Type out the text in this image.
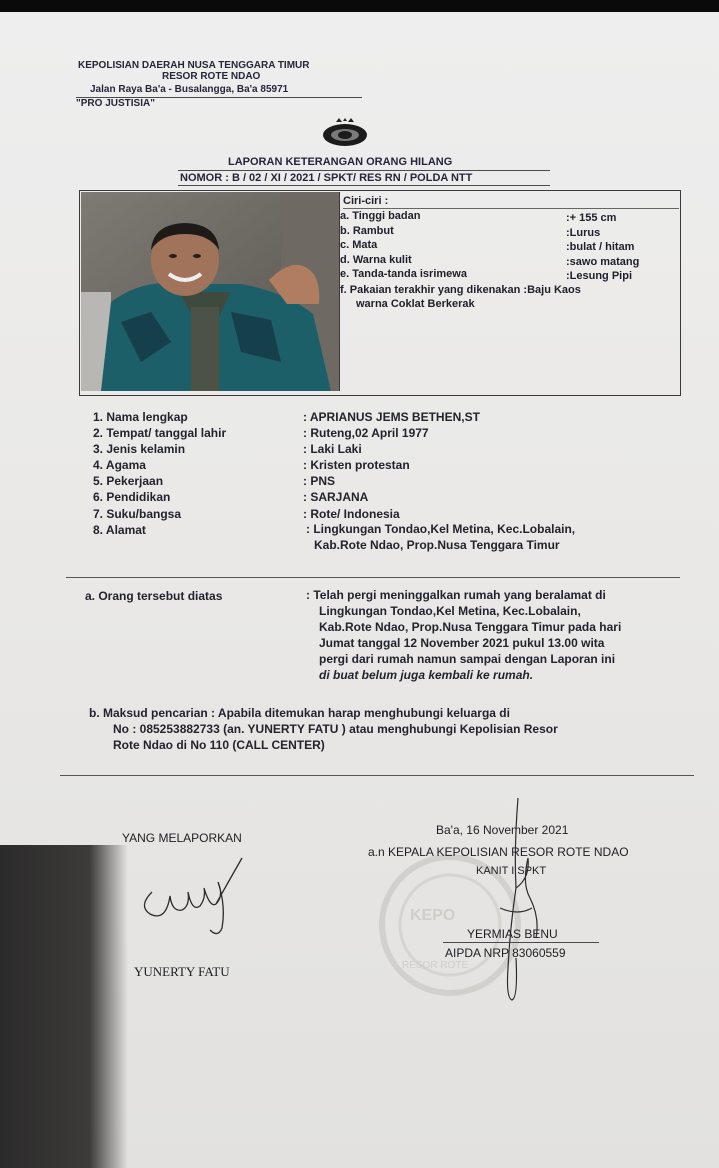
KEPOLISIAN DAERAH NUSA TENGGARA TIMUR
RESOR ROTE NDAO
Jalan Raya Ba'a - Busalangga, Ba'a 85971
"PRO JUSTISIA"
LAPORAN KETERANGAN ORANG HILANG
NOMOR : B / 02 / XI / 2021 / SPKT/ RES RN / POLDA NTT
Ciri-ciri :
a. Tinggi badan	:+ 155 cm
b. Rambut	:Lurus
c. Mata	:bulat / hitam
d. Warna kulit	:sawo matang
e. Tanda-tanda isrimewa	:Lesung Pipi
f. Pakaian terakhir yang dikenakan :Baju Kaos
warna Coklat Berkerak
1. Nama lengkap	: APRIANUS JEMS BETHEN,ST
2. Tempat/ tanggal lahir	: Ruteng,02 April 1977
3. Jenis kelamin	: Laki Laki
4. Agama	: Kristen protestan
5. Pekerjaan	: PNS
6. Pendidikan	: SARJANA
7. Suku/bangsa	: Rote/ Indonesia
8. Alamat	: Lingkungan Tondao,Kel Metina, Kec.Lobalain,
Kab.Rote Ndao, Prop.Nusa Tenggara Timur
a. Orang tersebut diatas	: Telah pergi meninggalkan rumah yang beralamat di
Lingkungan Tondao,Kel Metina, Kec.Lobalain,
Kab.Rote Ndao, Prop.Nusa Tenggara Timur pada hari
Jumat tanggal 12 November 2021 pukul 13.00 wita
pergi dari rumah namun sampai dengan Laporan ini
di buat belum juga kembali ke rumah.
b. Maksud pencarian : Apabila ditemukan harap menghubungi keluarga di
No : 085253882733 (an. YUNERTY FATU ) atau menghubungi Kepolisian Resor
Rote Ndao di No 110 (CALL CENTER)
KEPO
RESOR ROTE
YANG MELAPORKAN
YUNERTY FATU
Ba'a, 16 November 2021
a.n KEPALA KEPOLISIAN RESOR ROTE NDAO
KANIT I SPKT
YERMIAS BENU
AIPDA NRP 83060559
